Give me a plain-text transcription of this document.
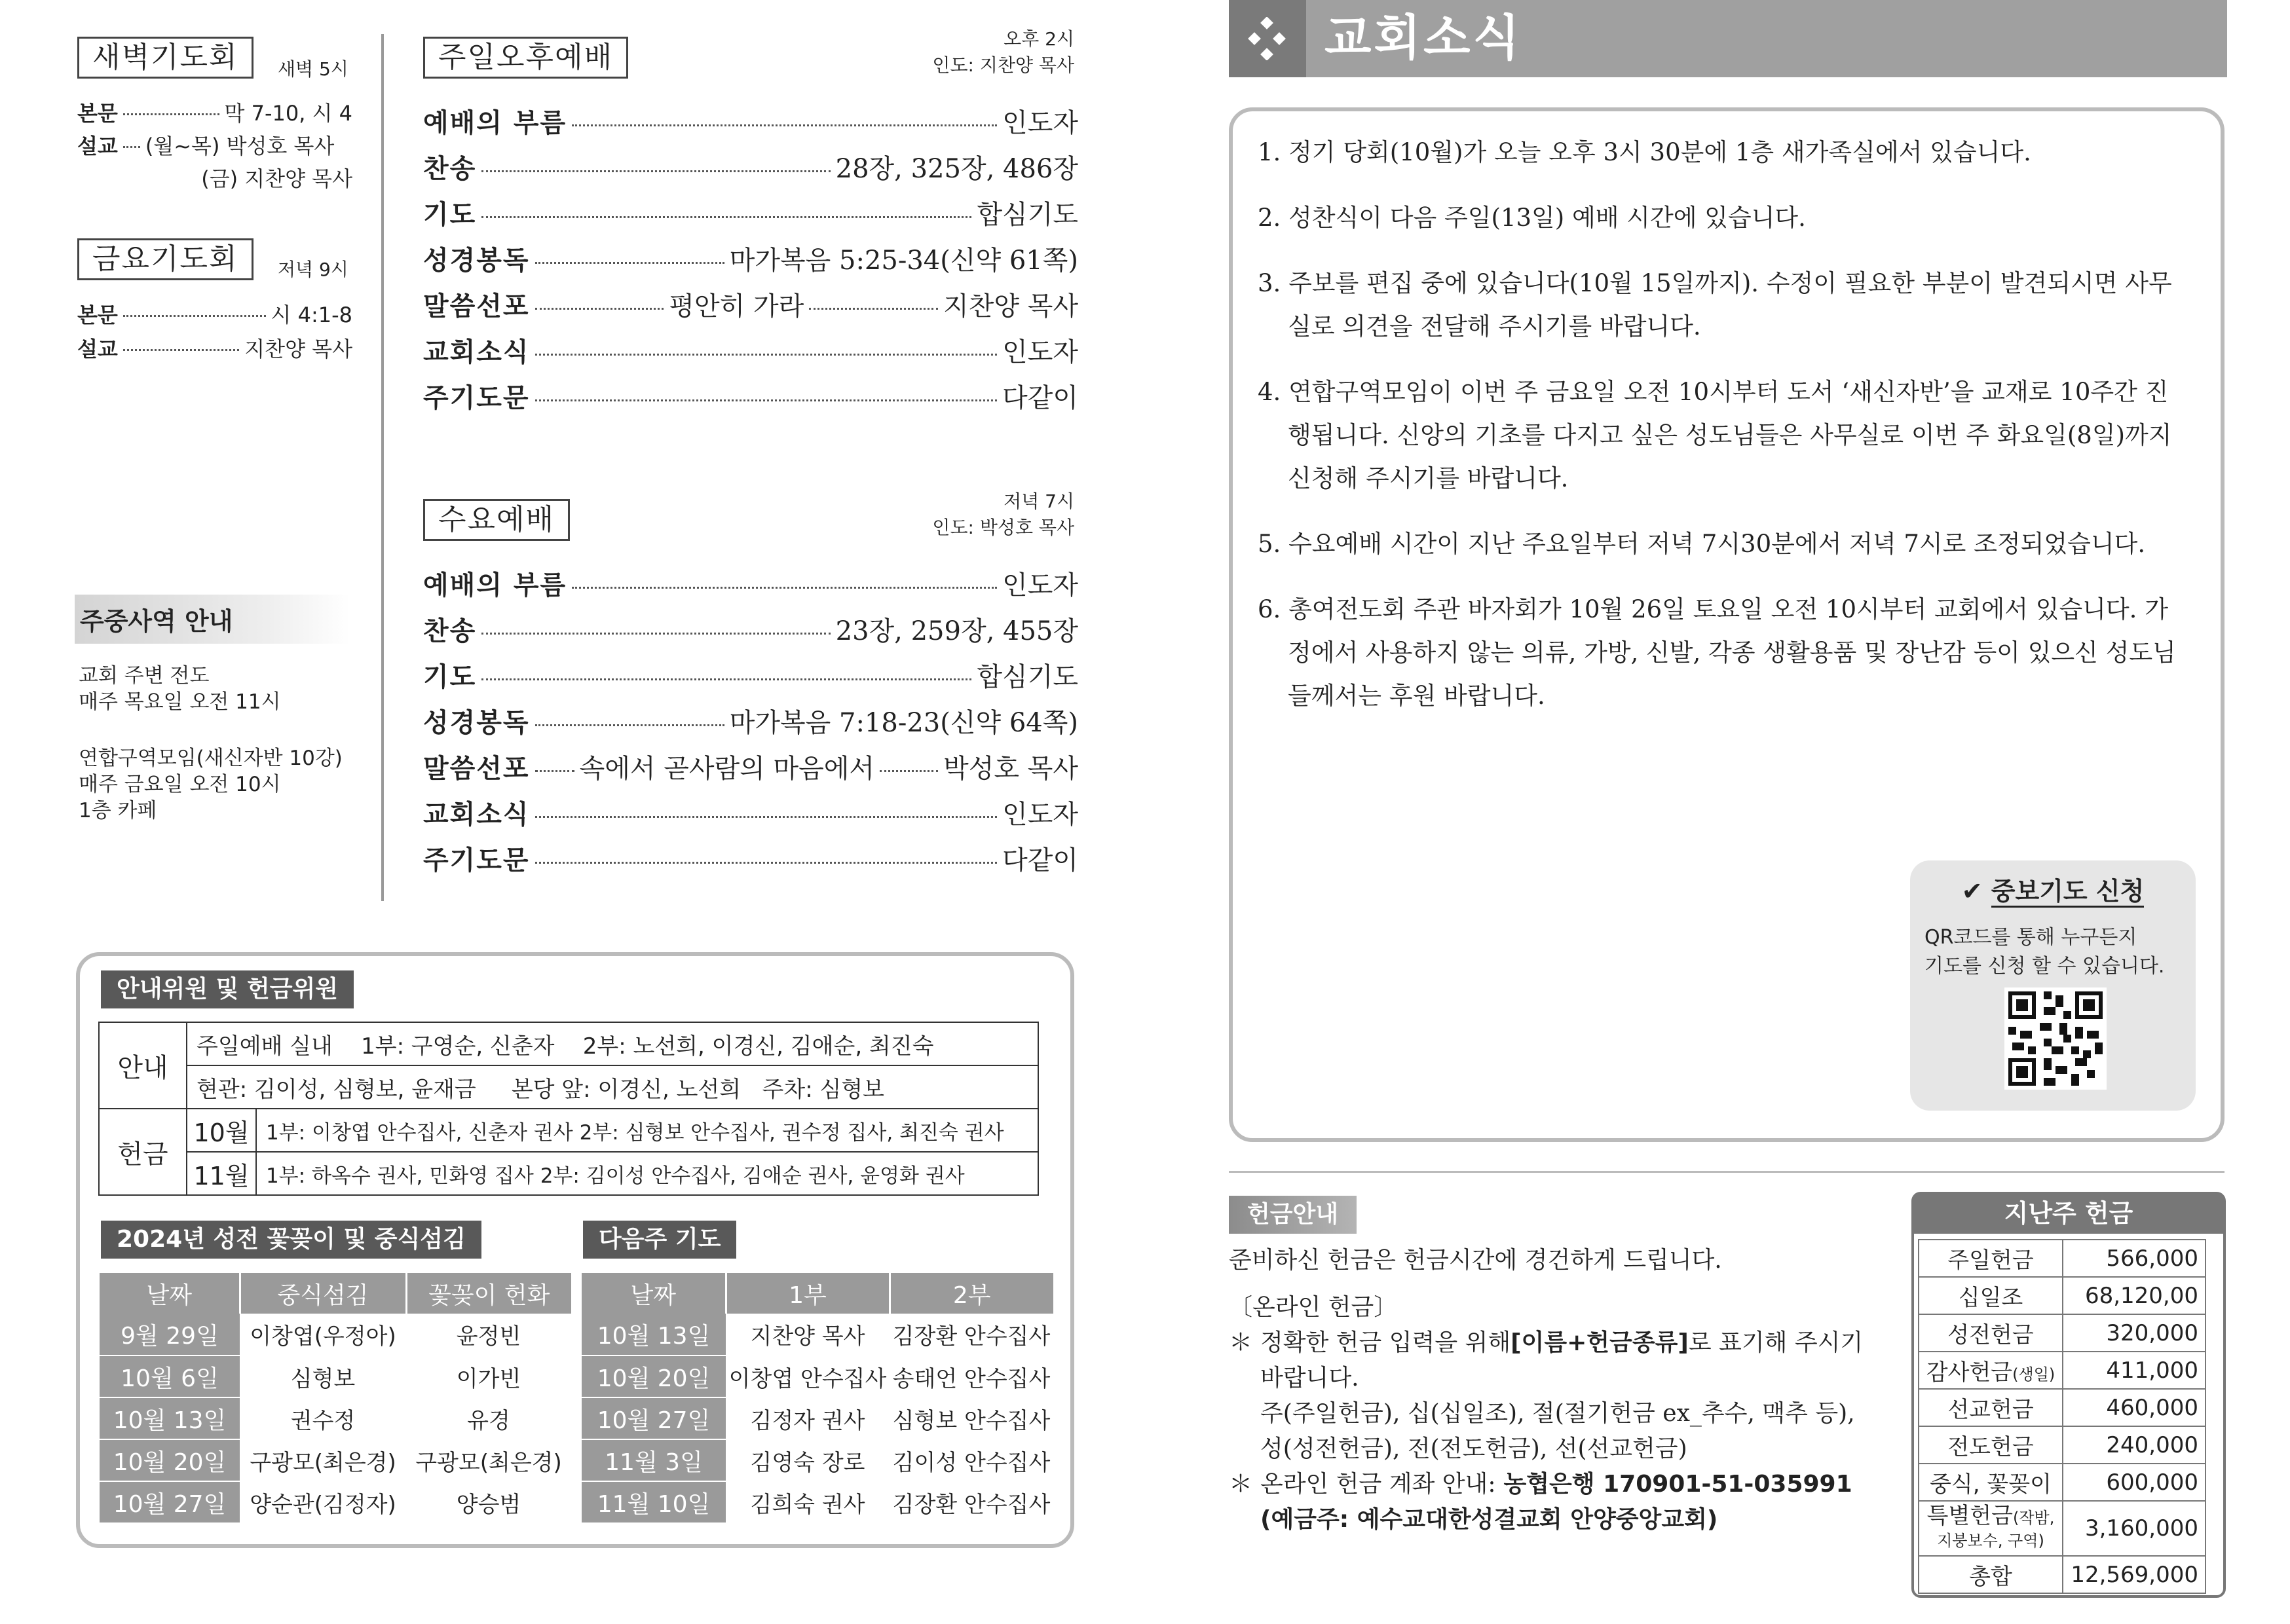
새벽기도회	새벽 5시
본문	막 7-10, 시 4
설교 (월~목) 박성호 목사
(금) 지찬양 목사
금요기도회	저녁 9시
본문	시 4:1-8
설교	지찬양 목사
주중사역 안내
교회 주변 전도
매주 목요일 오전 11시
연합구역모임(새신자반 10강)
매주 금요일 오전 10시
1층 카페
주일오후예배
오후 2시
인도: 지찬양 목사
예배의 부름	인도자
찬송	28장, 325장, 486장
기도	합심기도
성경봉독	마가복음 5:25-34(신약 61쪽)
말씀선포	평안히 가라	지찬양 목사
교회소식	인도자
주기도문	다같이
수요예배
저녁 7시
인도: 박성호 목사
예배의 부름	인도자
찬송	23장, 259장, 455장
기도	합심기도
성경봉독	마가복음 7:18-23(신약 64쪽)
말씀선포 속에서 곧사람의 마음에서	박성호 목사
교회소식	인도자
주기도문	다같이
안내위원 및 헌금위원
안내	주일예배 실내    1부: 구영순, 신춘자    2부: 노선희, 이경신, 김애순, 최진숙	
	현관: 김이성, 심형보, 윤재금     본당 앞: 이경신, 노선희   주차: 심형보	
헌금	10월	1부: 이창엽 안수집사, 신춘자 권사 2부: 심형보 안수집사, 권수정 집사, 최진숙 권사
	11월	1부: 하옥수 권사, 민화영 집사 2부: 김이성 안수집사, 김애순 권사, 윤영화 권사
2024년 성전 꽃꽂이 및 중식섬김
날짜	중식섬김	꽃꽂이 헌화
9월 29일	이창엽(우정아)	윤정빈
10월 6일	심형보	이가빈
10월 13일	권수정	유경
10월 20일	구광모(최은경)	구광모(최은경)
10월 27일	양순관(김정자)	양승범
다음주 기도
날짜	1부	2부
10월 13일	지찬양 목사	김장환 안수집사
10월 20일	이창엽 안수집사	송태언 안수집사
10월 27일	김정자 권사	심형보 안수집사
11월 3일	김영숙 장로	김이성 안수집사
11월 10일	김희숙 권사	김장환 안수집사
교회소식
1. 정기 당회(10월)가 오늘 오후 3시 30분에 1층 새가족실에서 있습니다.
2. 성찬식이 다음 주일(13일) 예배 시간에 있습니다.
3. 주보를 편집 중에 있습니다(10월 15일까지). 수정이 필요한 부분이 발견되시면 사무실로 의견을 전달해 주시기를 바랍니다.
4. 연합구역모임이 이번 주 금요일 오전 10시부터 도서 ‘새신자반’을 교재로 10주간 진행됩니다. 신앙의 기초를 다지고 싶은 성도님들은 사무실로 이번 주 화요일(8일)까지 신청해 주시기를 바랍니다.
5. 수요예배 시간이 지난 주요일부터 저녁 7시30분에서 저녁 7시로 조정되었습니다.
6. 총여전도회 주관 바자회가 10월 26일 토요일 오전 10시부터 교회에서 있습니다. 가정에서 사용하지 않는 의류, 가방, 신발, 각종 생활용품 및 장난감 등이 있으신 성도님들께서는 후원 바랍니다.
✔ 중보기도 신청
QR코드를 통해 누구든지
기도를 신청 할 수 있습니다.
헌금안내
준비하신 헌금은 헌금시간에 경건하게 드립니다.
〔온라인 헌금〕
＊ 정확한 헌금 입력을 위해 [이름+헌금종류] 로 표기해 주시기
바랍니다.
주(주일헌금), 십(십일조), 절(절기헌금 ex_추수, 맥추 등),
성(성전헌금), 전(전도헌금), 선(선교헌금)
＊ 온라인 헌금 계좌 안내: 농협은행 170901-51-035991
(예금주: 예수교대한성결교회 안양중앙교회)
지난주 헌금
주일헌금	566,000
십일조	68,120,00
성전헌금	320,000
감사헌금(생일)	411,000
선교헌금	460,000
전도헌금	240,000
중식, 꽃꽂이	600,000
특별헌금(작밤,
지붕보수, 구역)	3,160,000
총합	12,569,000
